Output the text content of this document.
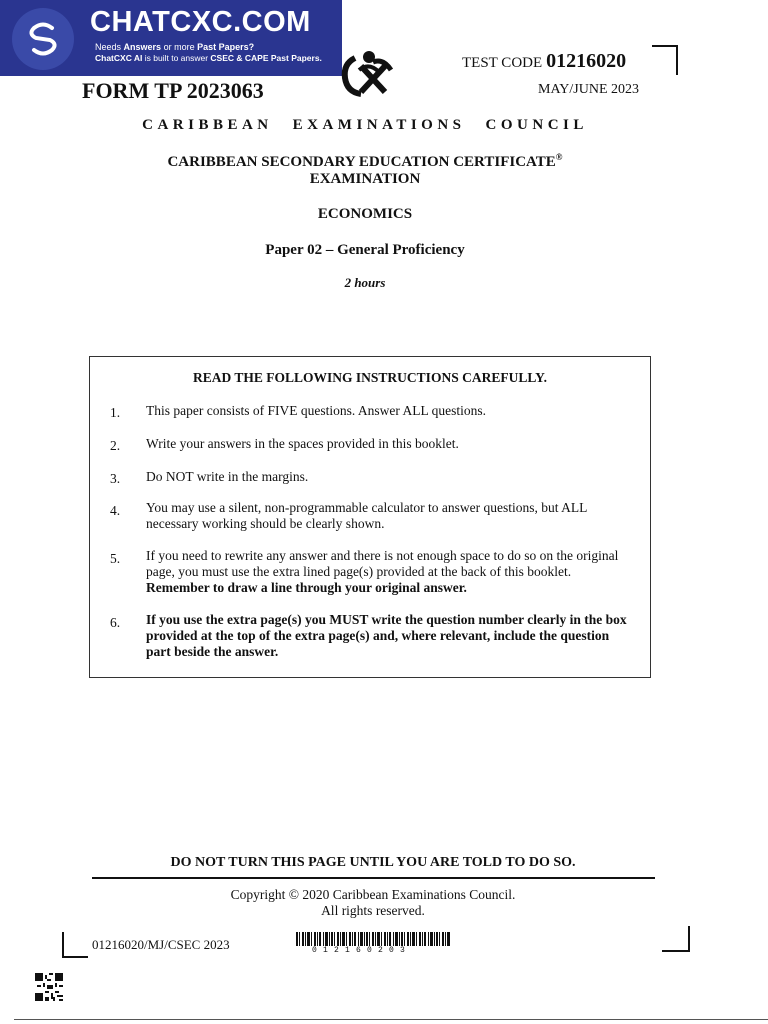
CHATCXC.COM
Needs Answers or more Past Papers?
ChatCXC AI is built to answer CSEC & CAPE Past Papers.	TEST CODE 01216020
FORM TP 2023063	MAY/JUNE 2023
CARIBBEAN EXAMINATIONS COUNCIL
CARIBBEAN SECONDARY EDUCATION CERTIFICATE®
EXAMINATION
ECONOMICS
Paper 02 – General Proficiency
2 hours
READ THE FOLLOWING INSTRUCTIONS CAREFULLY.
1. This paper consists of FIVE questions. Answer ALL questions.
2. Write your answers in the spaces provided in this booklet.
3. Do NOT write in the margins.
4. You may use a silent, non-programmable calculator to answer questions, but ALL necessary working should be clearly shown.
5. If you need to rewrite any answer and there is not enough space to do so on the original page, you must use the extra lined page(s) provided at the back of this booklet. Remember to draw a line through your original answer.
6. If you use the extra page(s) you MUST write the question number clearly in the box provided at the top of the extra page(s) and, where relevant, include the question part beside the answer.
DO NOT TURN THIS PAGE UNTIL YOU ARE TOLD TO DO SO.
Copyright © 2020 Caribbean Examinations Council.
All rights reserved.
01216020/MJ/CSEC 2023	012160203
